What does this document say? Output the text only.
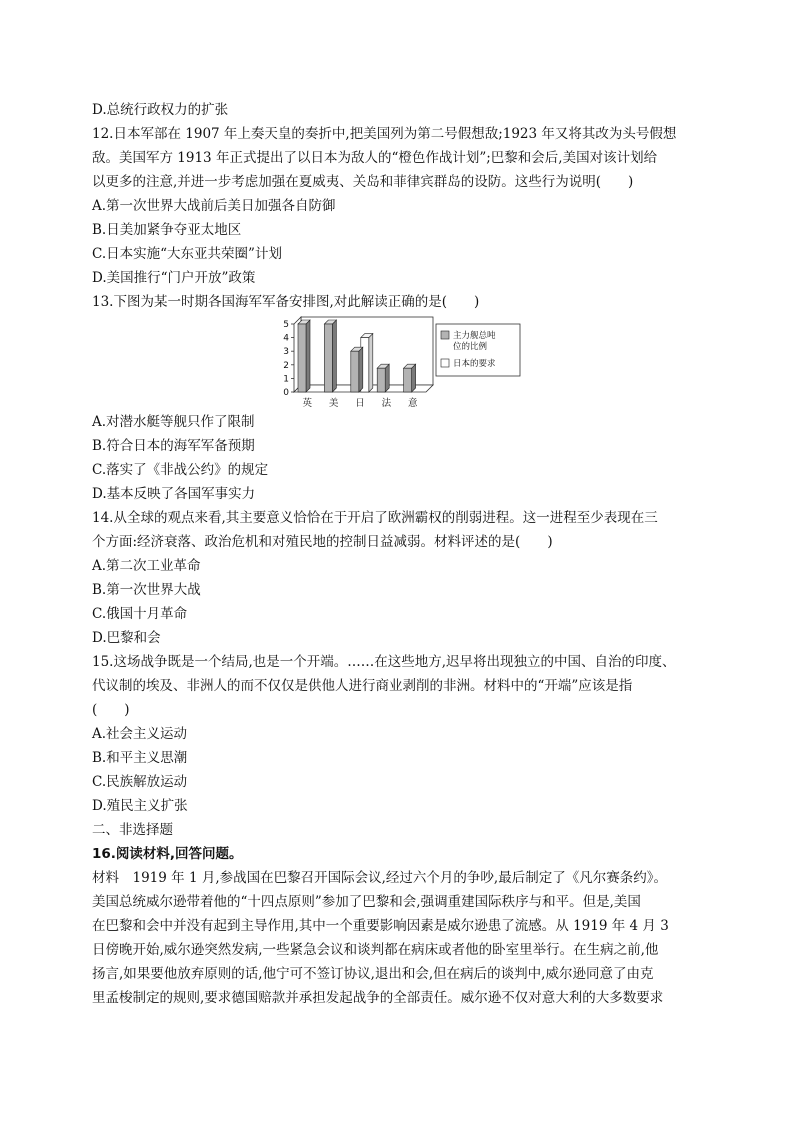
D.总统行政权力的扩张
12.日本军部在 1907 年上奏天皇的奏折中,把美国列为第二号假想敌;1923 年又将其改为头号假想
敌。美国军方 1913 年正式提出了以日本为敌人的“橙色作战计划”;巴黎和会后,美国对该计划给
以更多的注意,并进一步考虑加强在夏威夷、关岛和菲律宾群岛的设防。这些行为说明(　　)
A.第一次世界大战前后美日加强各自防御
B.日美加紧争夺亚太地区
C.日本实施“大东亚共荣圈”计划
D.美国推行“门户开放”政策
13.下图为某一时期各国海军军备安排图,对此解读正确的是(　　)
0
1
2
3
4
5
英 美 日 法 意
主力舰总吨
位的比例
日本的要求
A.对潜水艇等舰只作了限制
B.符合日本的海军军备预期
C.落实了《非战公约》的规定
D.基本反映了各国军事实力
14.从全球的观点来看,其主要意义恰恰在于开启了欧洲霸权的削弱进程。这一进程至少表现在三
个方面:经济衰落、政治危机和对殖民地的控制日益减弱。材料评述的是(　　)
A.第二次工业革命
B.第一次世界大战
C.俄国十月革命
D.巴黎和会
15.这场战争既是一个结局,也是一个开端。……在这些地方,迟早将出现独立的中国、自治的印度、
代议制的埃及、非洲人的而不仅仅是供他人进行商业剥削的非洲。材料中的“开端”应该是指
(　　)
A.社会主义运动
B.和平主义思潮
C.民族解放运动
D.殖民主义扩张
二、非选择题
16.阅读材料,回答问题。
材料　1919 年 1 月,参战国在巴黎召开国际会议,经过六个月的争吵,最后制定了《凡尔赛条约》。
美国总统威尔逊带着他的“十四点原则”参加了巴黎和会,强调重建国际秩序与和平。但是,美国
在巴黎和会中并没有起到主导作用,其中一个重要影响因素是威尔逊患了流感。从 1919 年 4 月 3
日傍晚开始,威尔逊突然发病,一些紧急会议和谈判都在病床或者他的卧室里举行。在生病之前,他
扬言,如果要他放弃原则的话,他宁可不签订协议,退出和会,但在病后的谈判中,威尔逊同意了由克
里孟梭制定的规则,要求德国赔款并承担发起战争的全部责任。威尔逊不仅对意大利的大多数要求
